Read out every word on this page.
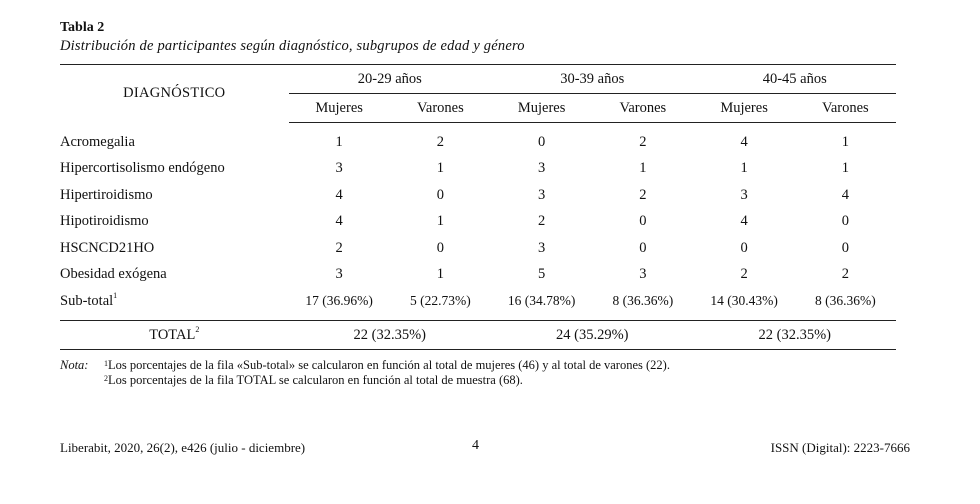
Tabla 2
Distribución de participantes según diagnóstico, subgrupos de edad y género

DIAGNÓSTICO	20-29 años		30-39 años		40-45 años	
	Mujeres	Varones	Mujeres	Varones	Mujeres	Varones

Acromegalia	1	2	0	2	4	1
Hipercortisolismo endógeno	3	1	3	1	1	1
Hipertiroidismo	4	0	3	2	3	4
Hipotiroidismo	4	1	2	0	4	0
HSCNCD21HO	2	0	3	0	0	0
Obesidad exógena	3	1	5	3	2	2
Sub-total$^1$	17 (36.96%)	5 (22.73%)	16 (34.78%)	8 (36.36%)	14 (30.43%)	8 (36.36%)

TOTAL$^2$	22 (32.35%)		24 (35.29%)		22 (32.35%)	
Nota:	$^1$Los porcentajes de la fila «Sub-total» se calcularon en función al total de mujeres (46) y al total de varones (22).
$^2$Los porcentajes de la fila TOTAL se calcularon en función al total de muestra (68).
Liberabit, 2020, 26(2), e426 (julio - diciembre)	4	ISSN (Digital): 2223-7666
